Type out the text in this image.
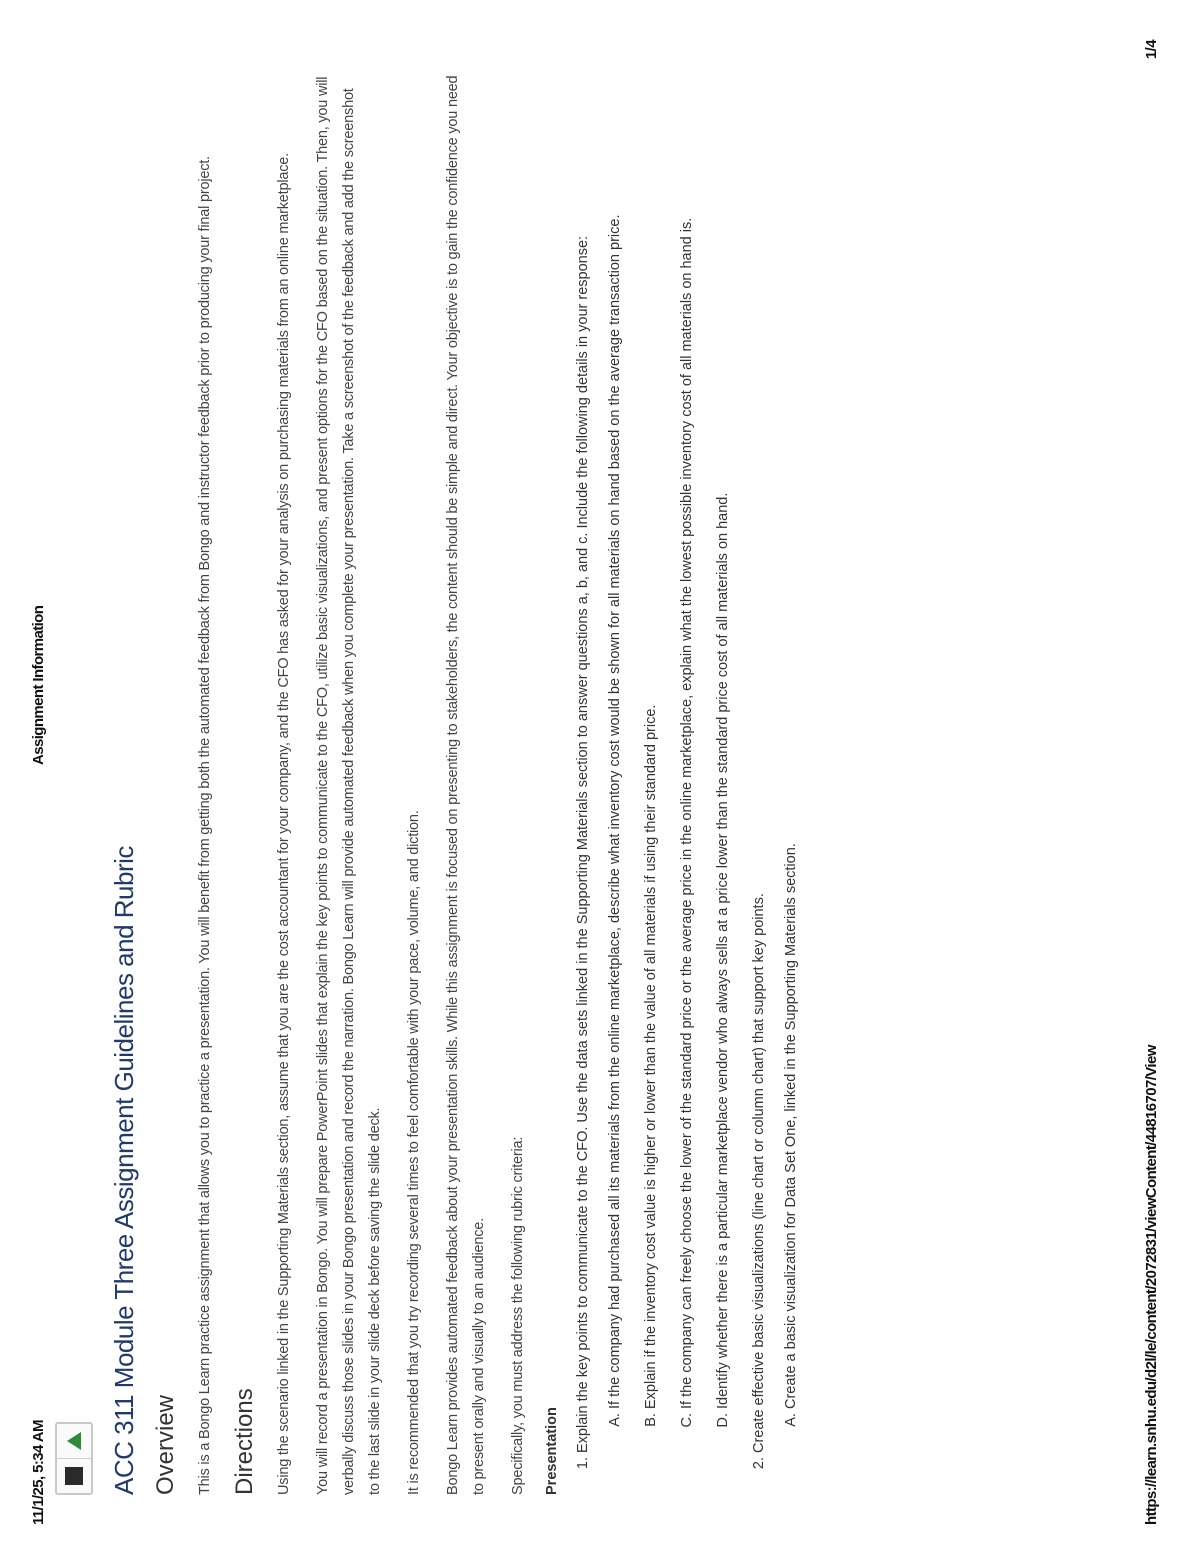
11/1/25, 5:34 AM
Assignment Information
ACC 311 Module Three Assignment Guidelines and Rubric Overview	This is a Bongo Learn practice assignment that allows you to practice a presentation. You will benefit from getting both the automated feedback from Bongo and instructor feedback prior to producing your final project. Directions	Using the scenario linked in the Supporting Materials section, assume that you are the cost accountant for your company, and the CFO has asked for your analysis on purchasing materials from an online marketplace.	You will record a presentation in Bongo. You will prepare PowerPoint slides that explain the key points to communicate to the CFO, utilize basic visualizations, and present options for the CFO based on the situation. Then, you will verbally discuss those slides in your Bongo presentation and record the narration. Bongo Learn will provide automated feedback when you complete your presentation. Take a screenshot of the feedback and add the screenshot to the last slide in your slide deck before saving the slide deck.	It is recommended that you try recording several times to feel comfortable with your pace, volume, and diction.	Bongo Learn provides automated feedback about your presentation skills. While this assignment is focused on presenting to stakeholders, the content should be simple and direct. Your objective is to gain the confidence you need to present orally and visually to an audience.	Specifically, you must address the following rubric criteria:	Presentation	1. Explain the key points to communicate to the CFO. Use the data sets linked in the Supporting Materials section to answer questions a, b, and c. Include the following details in your response:	A. If the company had purchased all its materials from the online marketplace, describe what inventory cost would be shown for all materials on hand based on the average transaction price.	B. Explain if the inventory cost value is higher or lower than the value of all materials if using their standard price.	C. If the company can freely choose the lower of the standard price or the average price in the online marketplace, explain what the lowest possible inventory cost of all materials on hand is.	D. Identify whether there is a particular marketplace vendor who always sells at a price lower than the standard price cost of all materials on hand.	2. Create effective basic visualizations (line chart or column chart) that support key points.	A. Create a basic visualization for Data Set One, linked in the Supporting Materials section.	https://learn.snhu.edu/d2l/le/content/2072831/viewContent/44816707/View
1/4
